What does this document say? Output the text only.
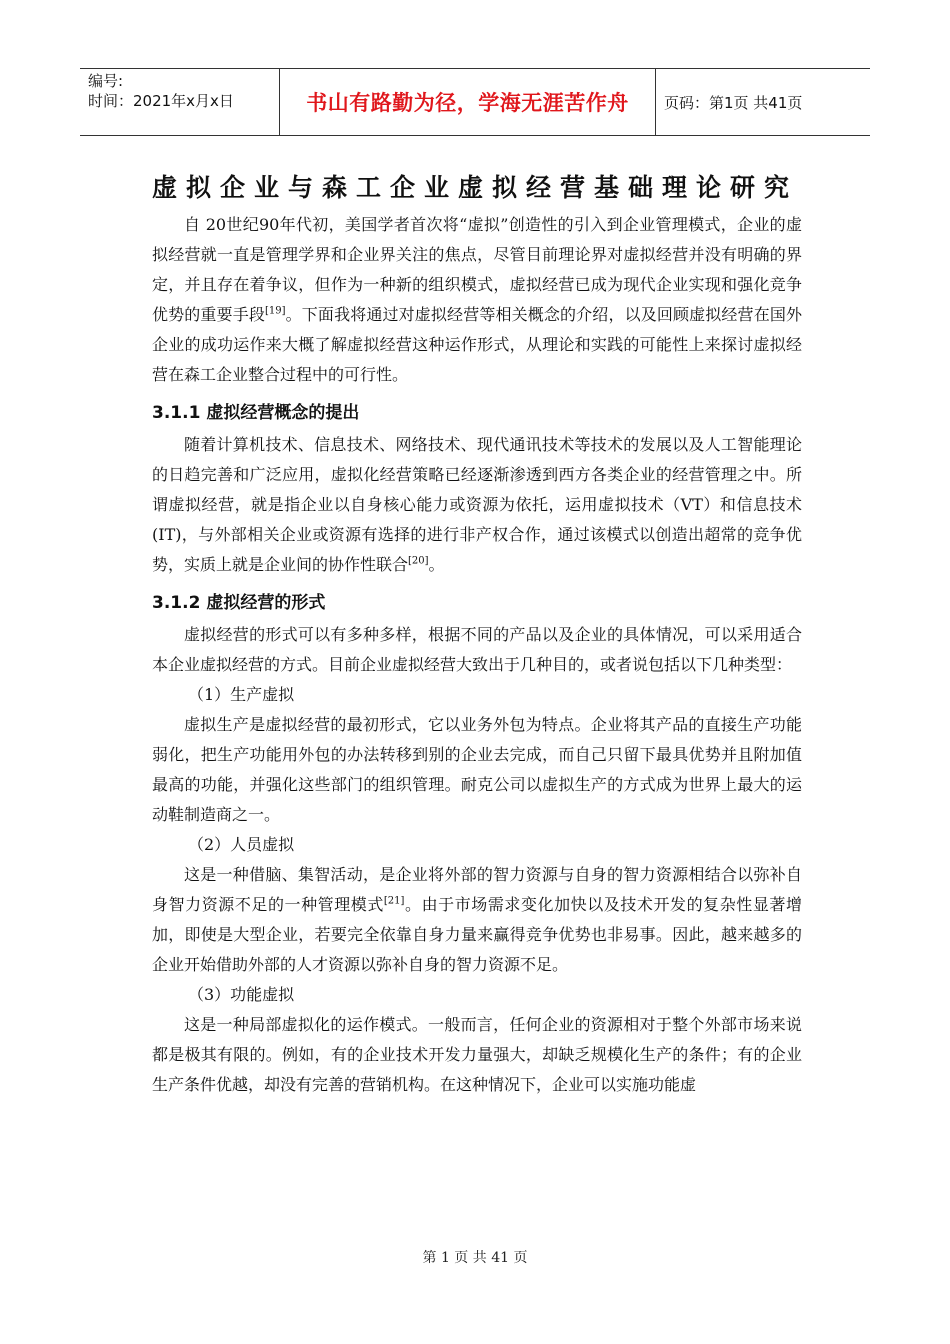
编号:
时间：2021年x月x日	书山有路勤为径，学海无涯苦作舟 页码：第1页 共41页
虚拟企业与森工企业虚拟经营基础理论研究

自 20世纪90年代初，美国学者首次将“虚拟”创造性的引入到企业管理模式，企业的虚拟经营就一直是管理学界和企业界关注的焦点，尽管目前理论界对虚拟经营并没有明确的界定，并且存在着争议，但作为一种新的组织模式，虚拟经营已成为现代企业实现和强化竞争优势的重要手段[19]。下面我将通过对虚拟经营等相关概念的介绍，以及回顾虚拟经营在国外企业的成功运作来大概了解虚拟经营这种运作形式，从理论和实践的可能性上来探讨虚拟经营在森工企业整合过程中的可行性。

3.1.1 虚拟经营概念的提出

随着计算机技术、信息技术、网络技术、现代通讯技术等技术的发展以及人工智能理论的日趋完善和广泛应用，虚拟化经营策略已经逐渐渗透到西方各类企业的经营管理之中。所谓虚拟经营，就是指企业以自身核心能力或资源为依托，运用虚拟技术（VT）和信息技术(IT)，与外部相关企业或资源有选择的进行非产权合作，通过该模式以创造出超常的竞争优势，实质上就是企业间的协作性联合[20]。

3.1.2 虚拟经营的形式

虚拟经营的形式可以有多种多样，根据不同的产品以及企业的具体情况，可以采用适合本企业虚拟经营的方式。目前企业虚拟经营大致出于几种目的，或者说包括以下几种类型：

（1）生产虚拟

虚拟生产是虚拟经营的最初形式，它以业务外包为特点。企业将其产品的直接生产功能弱化，把生产功能用外包的办法转移到别的企业去完成，而自己只留下最具优势并且附加值最高的功能，并强化这些部门的组织管理。耐克公司以虚拟生产的方式成为世界上最大的运动鞋制造商之一。

（2）人员虚拟

这是一种借脑、集智活动，是企业将外部的智力资源与自身的智力资源相结合以弥补自身智力资源不足的一种管理模式[21]。由于市场需求变化加快以及技术开发的复杂性显著增加，即使是大型企业，若要完全依靠自身力量来赢得竞争优势也非易事。因此，越来越多的企业开始借助外部的人才资源以弥补自身的智力资源不足。

（3）功能虚拟

这是一种局部虚拟化的运作模式。一般而言，任何企业的资源相对于整个外部市场来说都是极其有限的。例如，有的企业技术开发力量强大，却缺乏规模化生产的条件；有的企业生产条件优越，却没有完善的营销机构。在这种情况下，企业可以实施功能虚

第 1 页 共 41 页
